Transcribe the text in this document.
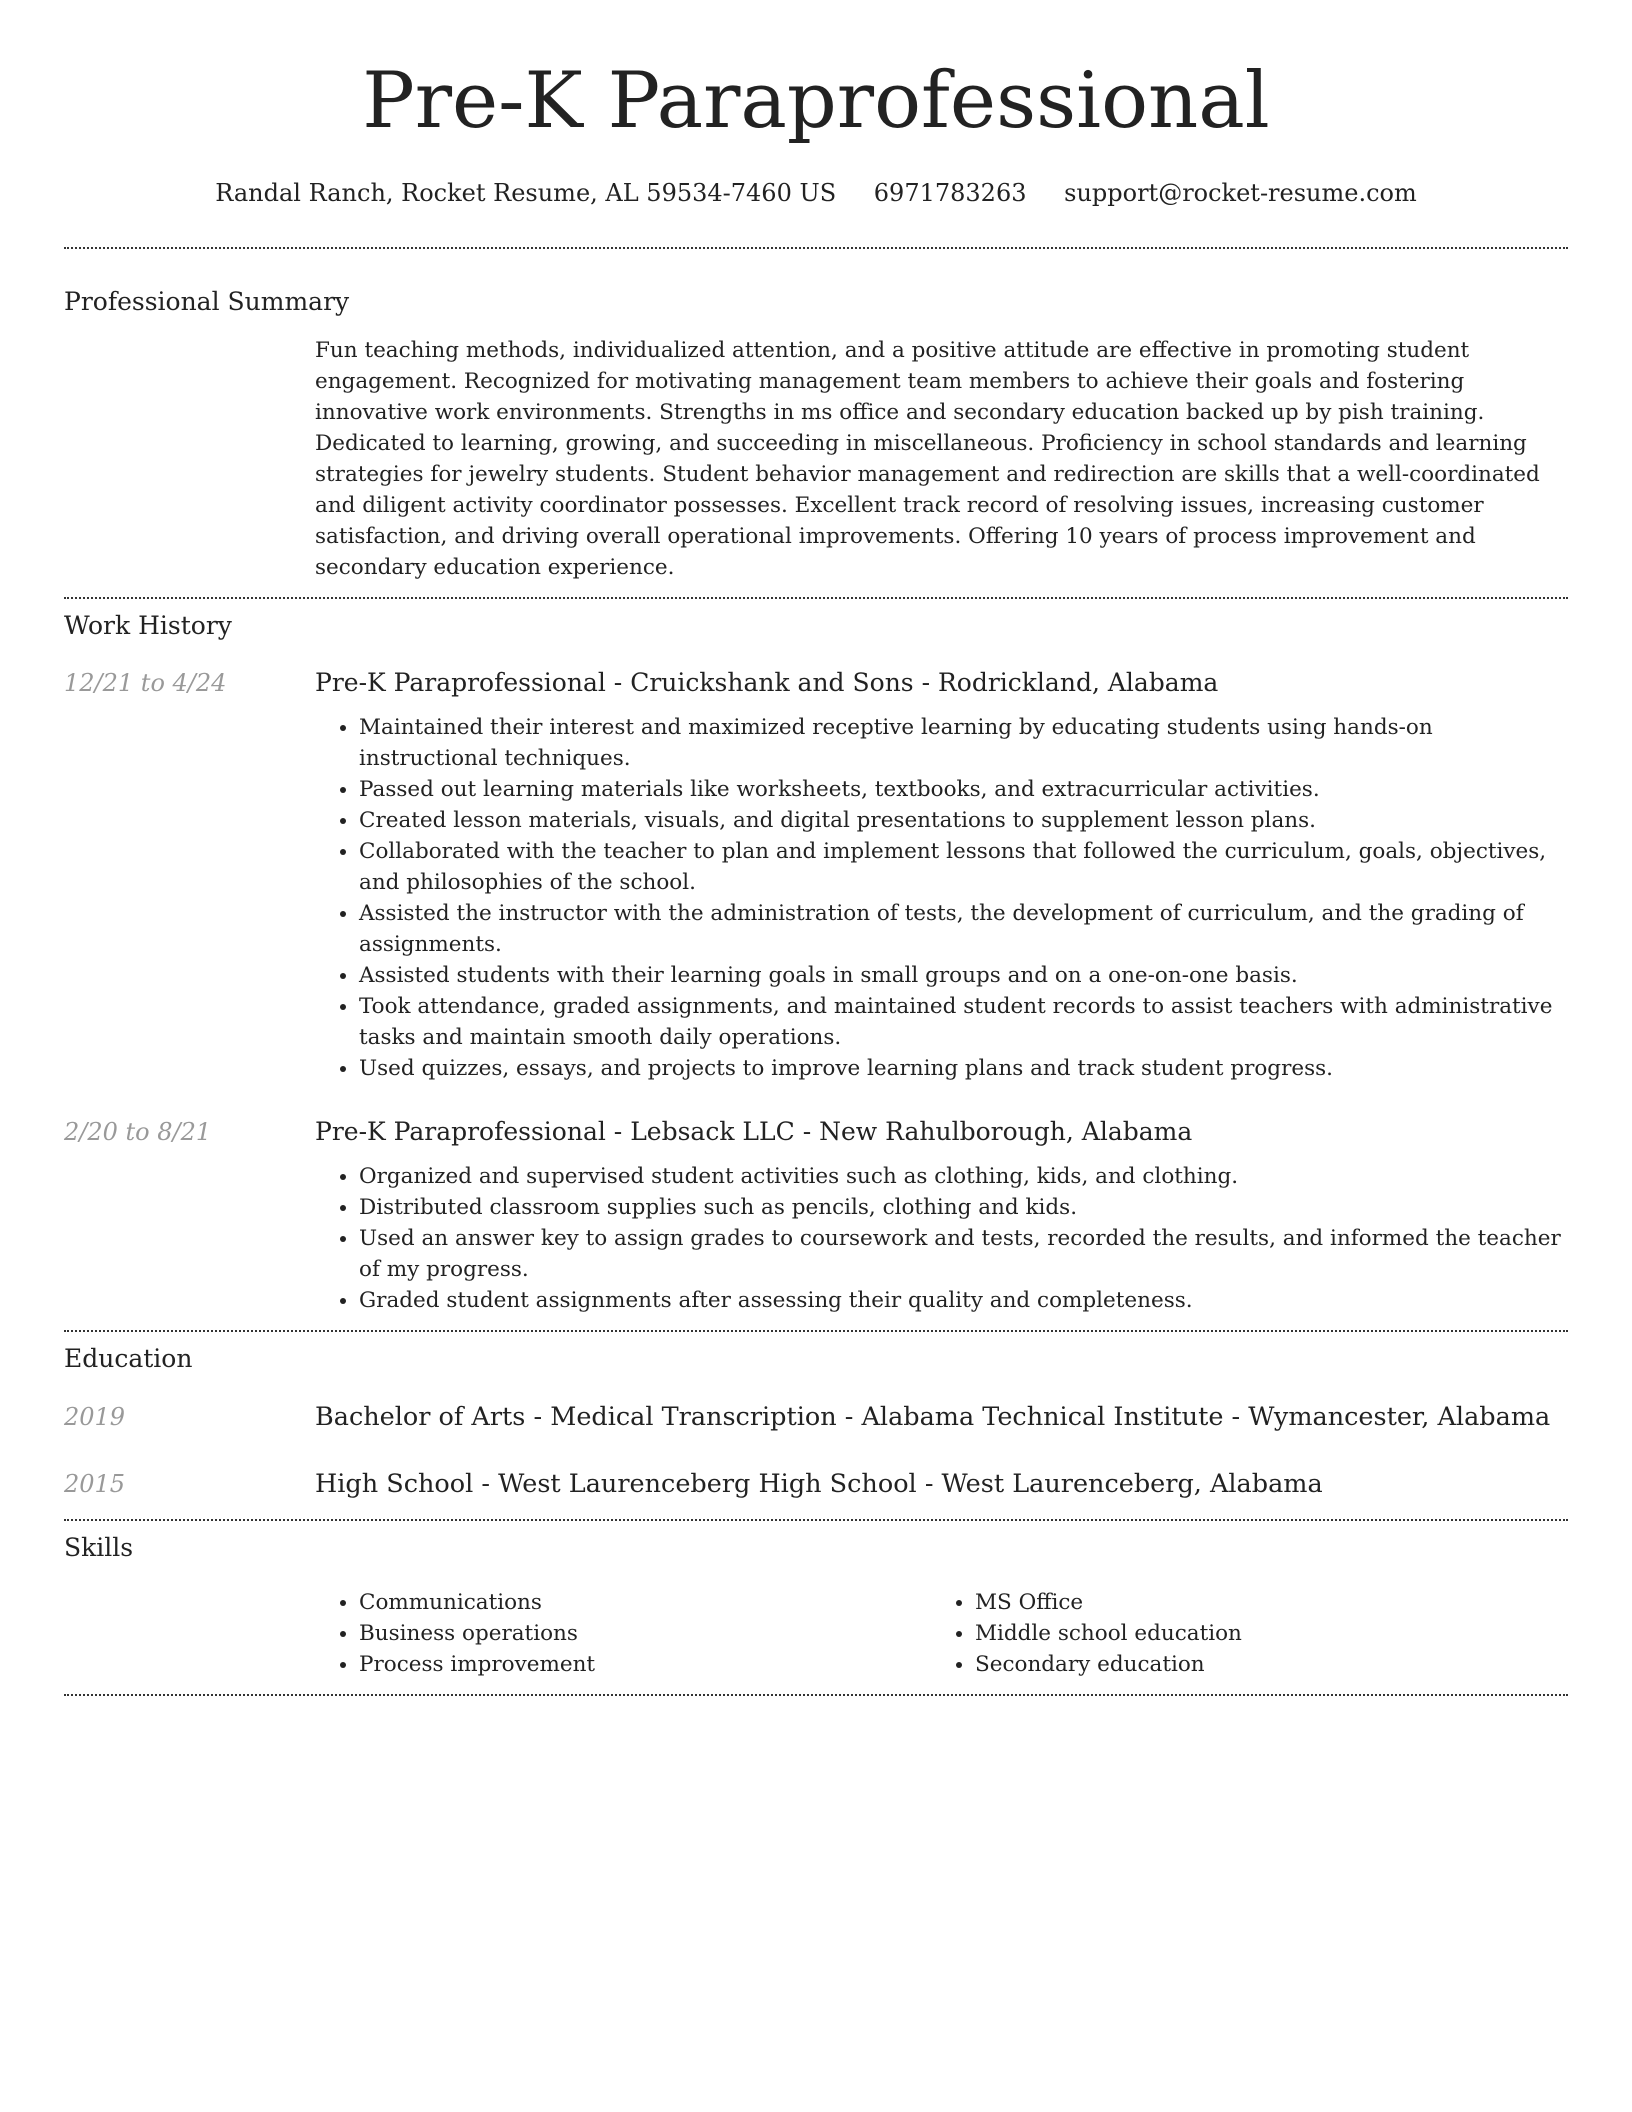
Pre-K Paraprofessional
Randal Ranch, Rocket Resume, AL 59534-7460 US 6971783263 support@rocket-resume.com
Professional Summary
Fun teaching methods, individualized attention, and a positive attitude are effective in promoting student engagement. Recognized for motivating management team members to achieve their goals and fostering innovative work environments. Strengths in ms office and secondary education backed up by pish training. Dedicated to learning, growing, and succeeding in miscellaneous. Proficiency in school standards and learning strategies for jewelry students. Student behavior management and redirection are skills that a well-coordinated and diligent activity coordinator possesses. Excellent track record of resolving issues, increasing customer satisfaction, and driving overall operational improvements. Offering 10 years of process improvement and secondary education experience.
Work History
12/21 to 4/24	Pre-K Paraprofessional - Cruickshank and Sons - Rodrickland, Alabama
• Maintained their interest and maximized receptive learning by educating students using hands-on instructional techniques.
• Passed out learning materials like worksheets, textbooks, and extracurricular activities.
• Created lesson materials, visuals, and digital presentations to supplement lesson plans.
• Collaborated with the teacher to plan and implement lessons that followed the curriculum, goals, objectives, and philosophies of the school.
• Assisted the instructor with the administration of tests, the development of curriculum, and the grading of assignments.
• Assisted students with their learning goals in small groups and on a one-on-one basis.
• Took attendance, graded assignments, and maintained student records to assist teachers with administrative tasks and maintain smooth daily operations.
• Used quizzes, essays, and projects to improve learning plans and track student progress.
2/20 to 8/21	Pre-K Paraprofessional - Lebsack LLC - New Rahulborough, Alabama
• Organized and supervised student activities such as clothing, kids, and clothing.
• Distributed classroom supplies such as pencils, clothing and kids.
• Used an answer key to assign grades to coursework and tests, recorded the results, and informed the teacher of my progress.
• Graded student assignments after assessing their quality and completeness.
Education
2019	Bachelor of Arts - Medical Transcription - Alabama Technical Institute - Wymancester, Alabama
2015	High School - West Laurenceberg High School - West Laurenceberg, Alabama
Skills
• Communications
• Business operations
• Process improvement
• MS Office
• Middle school education
• Secondary education
